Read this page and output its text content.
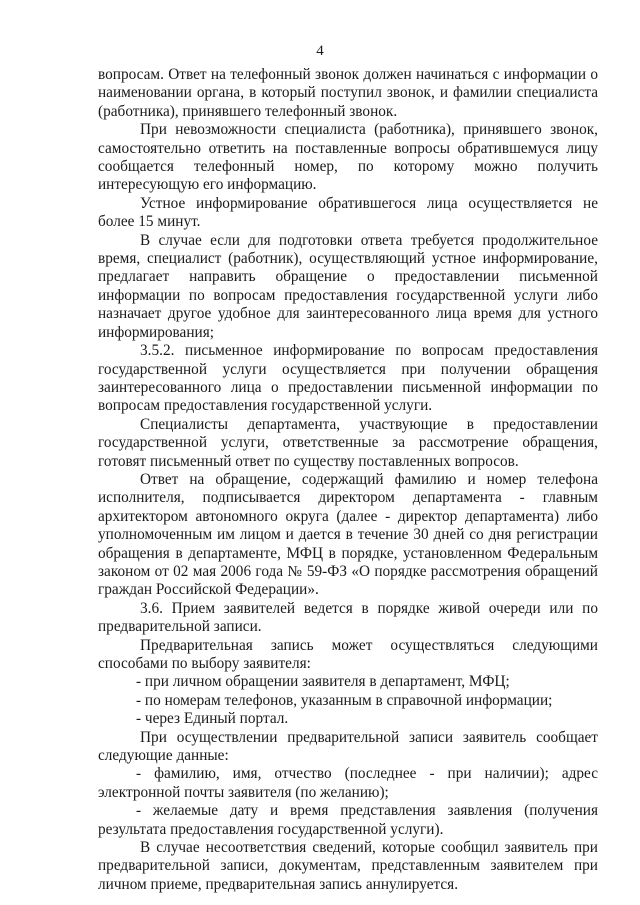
4

вопросам. Ответ на телефонный звонок должен начинаться с информации о наименовании органа, в который поступил звонок, и фамилии специалиста (работника), принявшего телефонный звонок.

При невозможности специалиста (работника), принявшего звонок, самостоятельно ответить на поставленные вопросы обратившемуся лицу сообщается телефонный номер, по которому можно получить интересующую его информацию.

Устное информирование обратившегося лица осуществляется не более 15 минут.

В случае если для подготовки ответа требуется продолжительное время, специалист (работник), осуществляющий устное информирование, предлагает направить обращение о предоставлении письменной информации по вопросам предоставления государственной услуги либо назначает другое удобное для заинтересованного лица время для устного информирования;

3.5.2. письменное информирование по вопросам предоставления государственной услуги осуществляется при получении обращения заинтересованного лица о предоставлении письменной информации по вопросам предоставления государственной услуги.

Специалисты департамента, участвующие в предоставлении государственной услуги, ответственные за рассмотрение обращения, готовят письменный ответ по существу поставленных вопросов.

Ответ на обращение, содержащий фамилию и номер телефона исполнителя, подписывается директором департамента - главным архитектором автономного округа (далее - директор департамента) либо уполномоченным им лицом и дается в течение 30 дней со дня регистрации обращения в департаменте, МФЦ в порядке, установленном Федеральным законом от 02 мая 2006 года № 59-ФЗ «О порядке рассмотрения обращений граждан Российской Федерации».

3.6. Прием заявителей ведется в порядке живой очереди или по предварительной записи.

Предварительная запись может осуществляться следующими способами по выбору заявителя:

- при личном обращении заявителя в департамент, МФЦ;

- по номерам телефонов, указанным в справочной информации;

- через Единый портал.

При осуществлении предварительной записи заявитель сообщает следующие данные:

- фамилию, имя, отчество (последнее - при наличии); адрес электронной почты заявителя (по желанию);

- желаемые дату и время представления заявления (получения результата предоставления государственной услуги).

В случае несоответствия сведений, которые сообщил заявитель при предварительной записи, документам, представленным заявителем при личном приеме, предварительная запись аннулируется.
